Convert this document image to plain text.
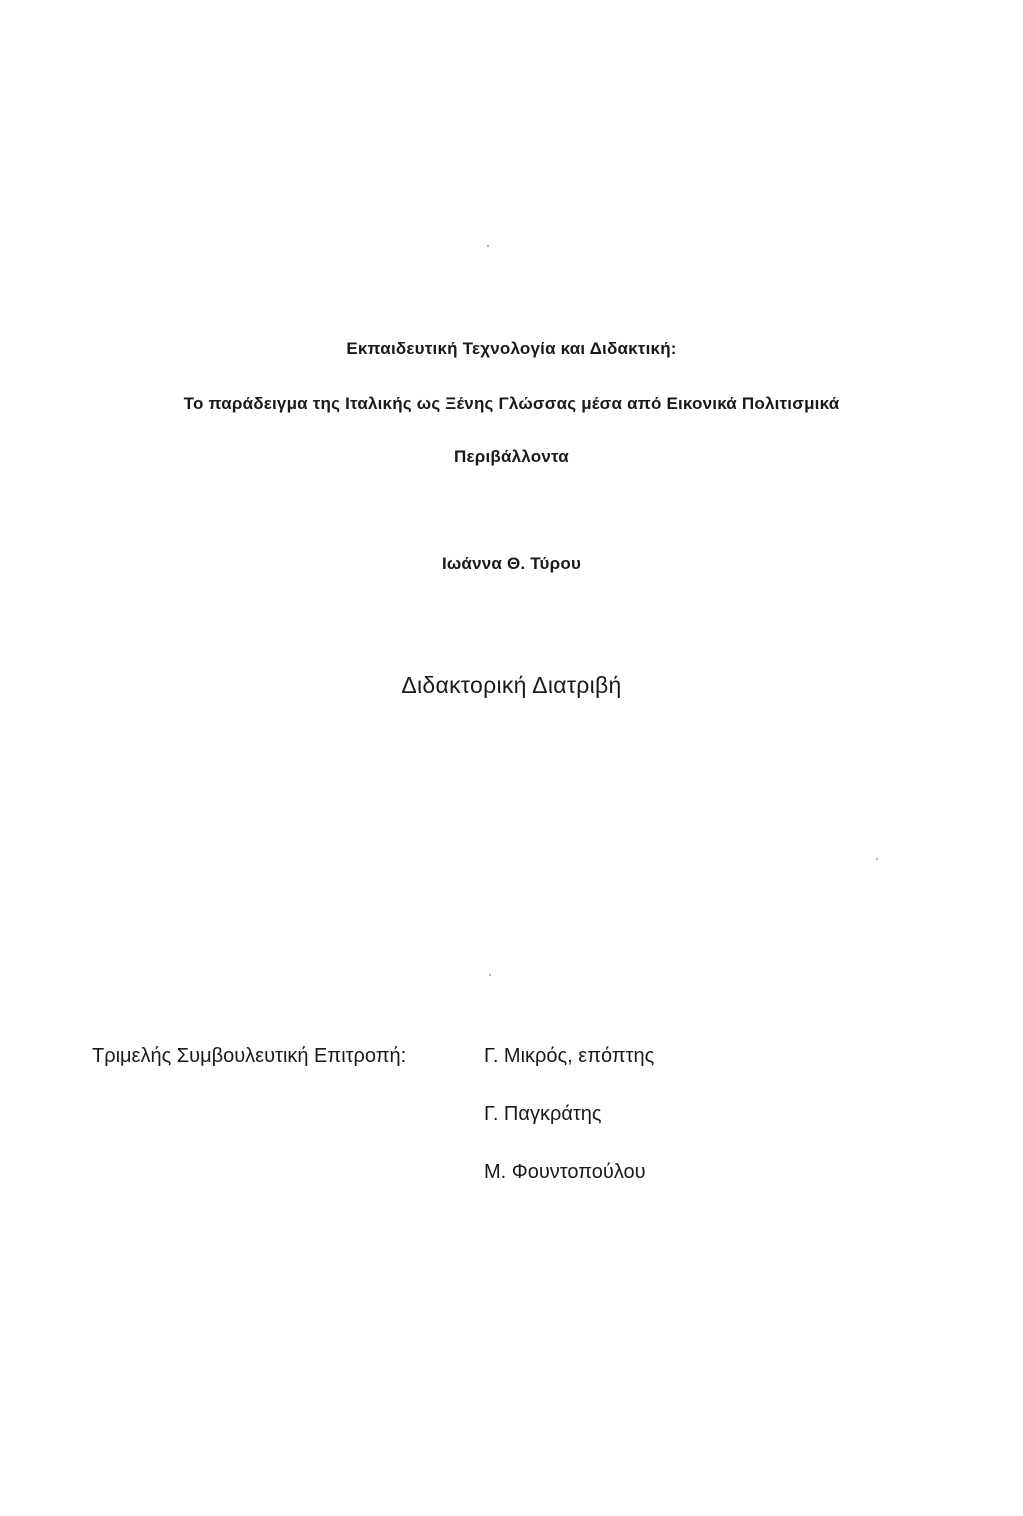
Εκπαιδευτική Τεχνολογία και Διδακτική:
Το παράδειγμα της Ιταλικής ως Ξένης Γλώσσας μέσα από Εικονικά Πολιτισμικά
Περιβάλλοντα
Ιωάννα Θ. Τύρου
Διδακτορική Διατριβή
Τριμελής Συμβουλευτική Επιτροπή:	Γ. Μικρός, επόπτης
Γ. Παγκράτης
Μ. Φουντοπούλου
